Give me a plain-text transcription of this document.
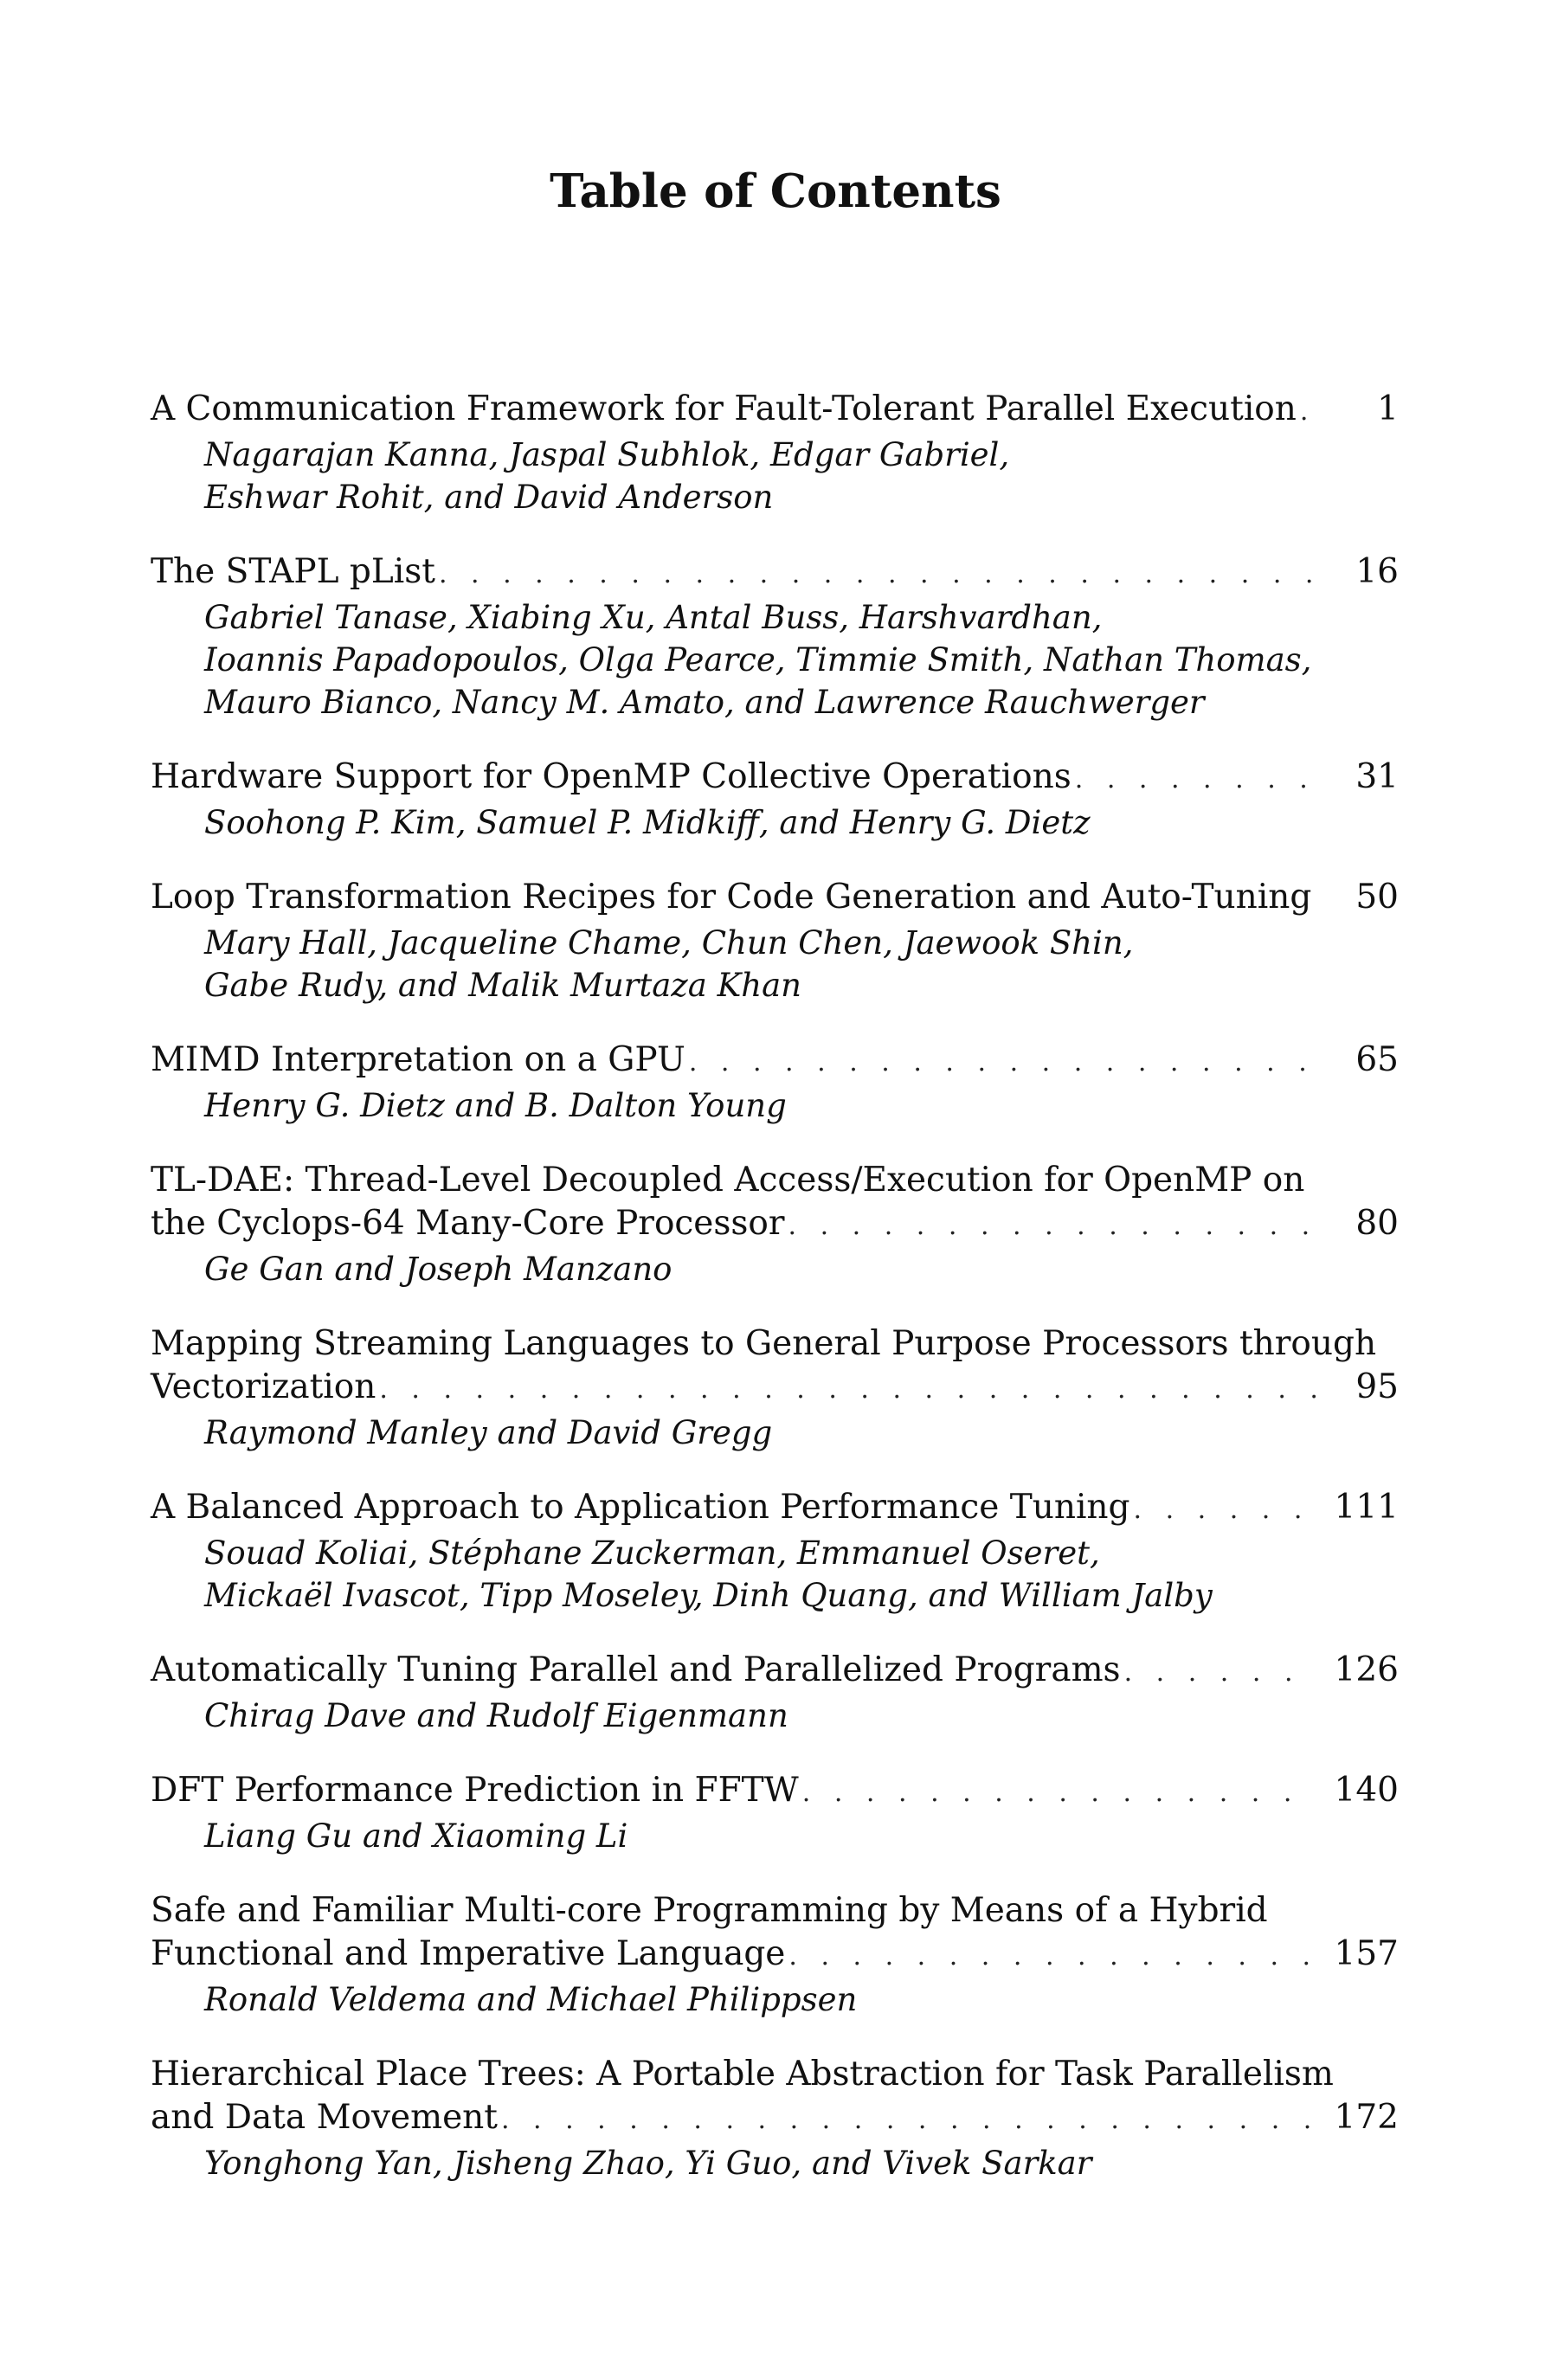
Table of Contents
A Communication Framework for Fault-Tolerant Parallel Execution . . .	1
Nagarajan Kanna, Jaspal Subhlok, Edgar Gabriel,
Eshwar Rohit, and David Anderson
The STAPL pList . . .	16
Gabriel Tanase, Xiabing Xu, Antal Buss, Harshvardhan,
Ioannis Papadopoulos, Olga Pearce, Timmie Smith, Nathan Thomas,
Mauro Bianco, Nancy M. Amato, and Lawrence Rauchwerger
Hardware Support for OpenMP Collective Operations . . .	31
Soohong P. Kim, Samuel P. Midkiff, and Henry G. Dietz
Loop Transformation Recipes for Code Generation and Auto-Tuning . . .	50
Mary Hall, Jacqueline Chame, Chun Chen, Jaewook Shin,
Gabe Rudy, and Malik Murtaza Khan
MIMD Interpretation on a GPU . . .	65
Henry G. Dietz and B. Dalton Young
TL-DAE: Thread-Level Decoupled Access/Execution for OpenMP on
the Cyclops-64 Many-Core Processor . . .	80
Ge Gan and Joseph Manzano
Mapping Streaming Languages to General Purpose Processors through
Vectorization . . .	95
Raymond Manley and David Gregg
A Balanced Approach to Application Performance Tuning . . .	111
Souad Koliai, Stéphane Zuckerman, Emmanuel Oseret,
Mickaël Ivascot, Tipp Moseley, Dinh Quang, and William Jalby
Automatically Tuning Parallel and Parallelized Programs . . .	126
Chirag Dave and Rudolf Eigenmann
DFT Performance Prediction in FFTW . . .	140
Liang Gu and Xiaoming Li
Safe and Familiar Multi-core Programming by Means of a Hybrid
Functional and Imperative Language . . .	157
Ronald Veldema and Michael Philippsen
Hierarchical Place Trees: A Portable Abstraction for Task Parallelism
and Data Movement . . .	172
Yonghong Yan, Jisheng Zhao, Yi Guo, and Vivek Sarkar
